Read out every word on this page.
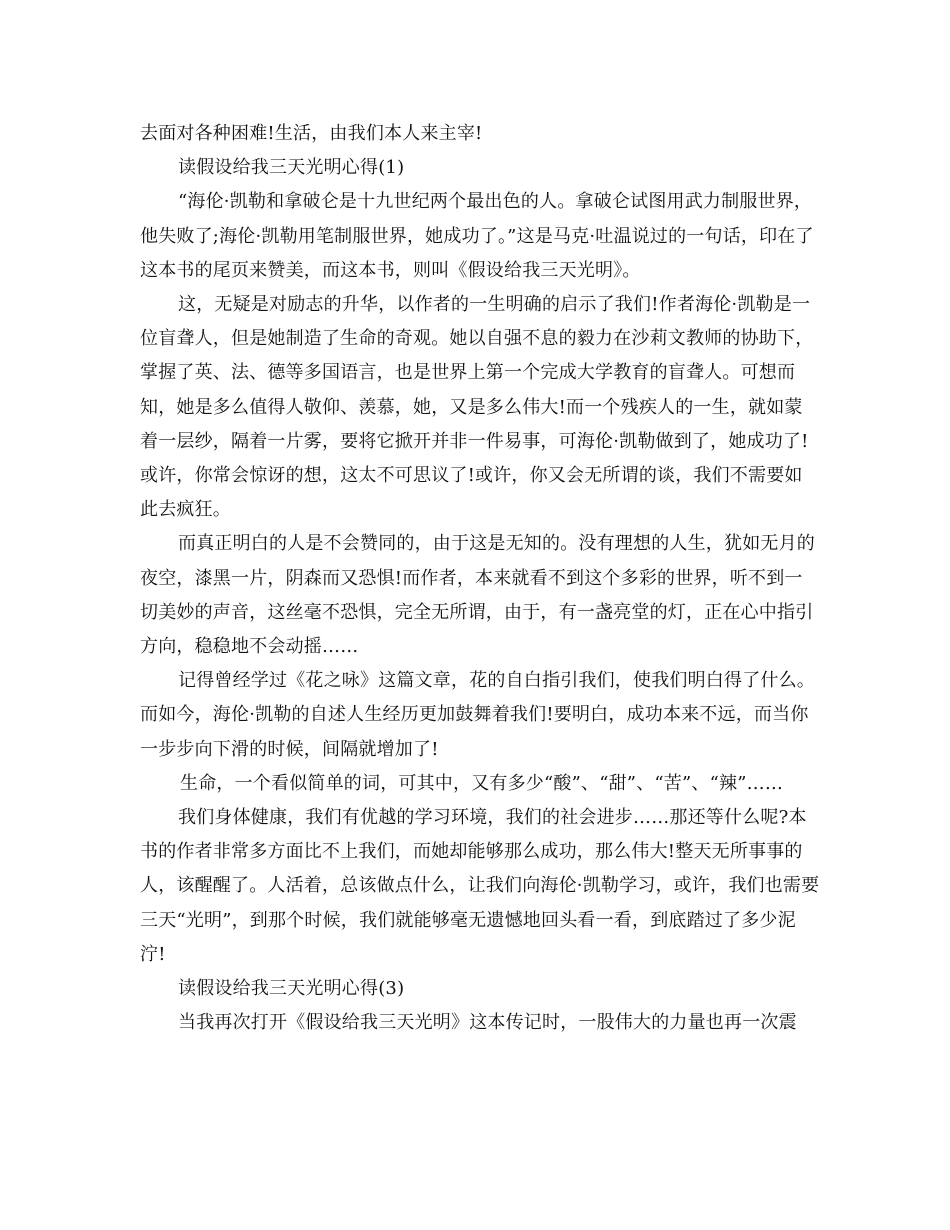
去面对各种困难!生活，由我们本人来主宰!

读假设给我三天光明心得(1)

“海伦·凯勒和拿破仑是十九世纪两个最出色的人。拿破仑试图用武力制服世界，他失败了;海伦·凯勒用笔制服世界，她成功了。”这是马克·吐温说过的一句话，印在了这本书的尾页来赞美，而这本书，则叫《假设给我三天光明》。

这，无疑是对励志的升华，以作者的一生明确的启示了我们!作者海伦·凯勒是一位盲聋人，但是她制造了生命的奇观。她以自强不息的毅力在沙莉文教师的协助下，掌握了英、法、德等多国语言，也是世界上第一个完成大学教育的盲聋人。可想而知，她是多么值得人敬仰、羡慕，她，又是多么伟大!而一个残疾人的一生，就如蒙着一层纱，隔着一片雾，要将它掀开并非一件易事，可海伦·凯勒做到了，她成功了!或许，你常会惊讶的想，这太不可思议了!或许，你又会无所谓的谈，我们不需要如此去疯狂。

而真正明白的人是不会赞同的，由于这是无知的。没有理想的人生，犹如无月的夜空，漆黑一片，阴森而又恐惧!而作者，本来就看不到这个多彩的世界，听不到一切美妙的声音，这丝毫不恐惧，完全无所谓，由于，有一盏亮堂的灯，正在心中指引方向，稳稳地不会动摇……

记得曾经学过《花之咏》这篇文章，花的自白指引我们，使我们明白得了什么。而如今，海伦·凯勒的自述人生经历更加鼓舞着我们!要明白，成功本来不远，而当你一步步向下滑的时候，间隔就增加了!

生命，一个看似简单的词，可其中，又有多少“酸”、“甜”、“苦”、“辣”……

我们身体健康，我们有优越的学习环境，我们的社会进步……那还等什么呢?本书的作者非常多方面比不上我们，而她却能够那么成功，那么伟大!整天无所事事的人，该醒醒了。人活着，总该做点什么，让我们向海伦·凯勒学习，或许，我们也需要三天“光明”，到那个时候，我们就能够毫无遗憾地回头看一看，到底踏过了多少泥泞!

读假设给我三天光明心得(3)

当我再次打开《假设给我三天光明》这本传记时，一股伟大的力量也再一次震
